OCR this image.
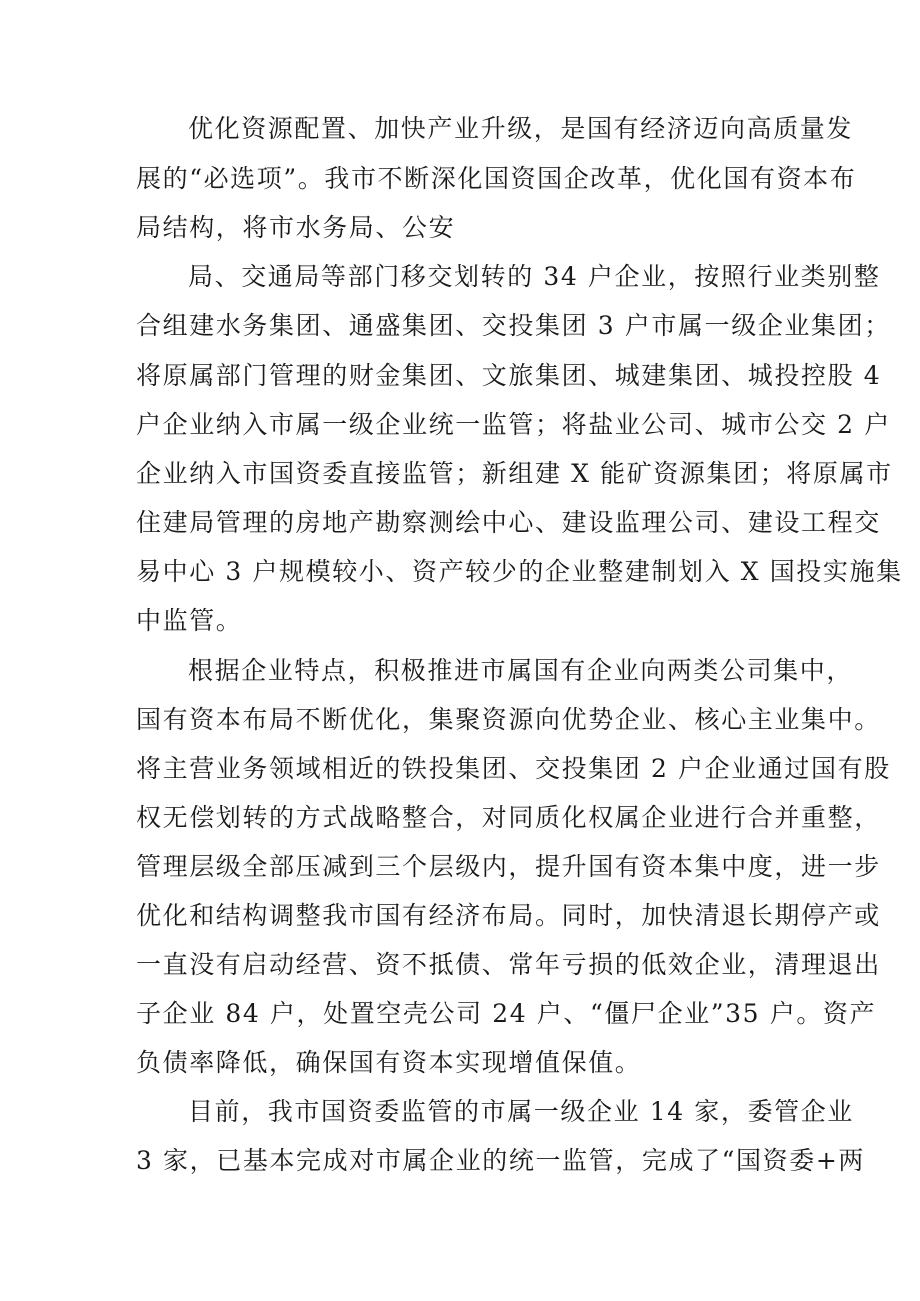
优化资源配置、加快产业升级，是国有经济迈向高质量发
展的“必选项”。我市不断深化国资国企改革，优化国有资本布
局结构，将市水务局、公安
局、交通局等部门移交划转的 34 户企业，按照行业类别整
合组建水务集团、通盛集团、交投集团 3 户市属一级企业集团；
将原属部门管理的财金集团、文旅集团、城建集团、城投控股 4
户企业纳入市属一级企业统一监管；将盐业公司、城市公交 2 户
企业纳入市国资委直接监管；新组建 X 能矿资源集团；将原属市
住建局管理的房地产勘察测绘中心、建设监理公司、建设工程交
易中心 3 户规模较小、资产较少的企业整建制划入 X 国投实施集
中监管。
根据企业特点，积极推进市属国有企业向两类公司集中，
国有资本布局不断优化，集聚资源向优势企业、核心主业集中。
将主营业务领域相近的铁投集团、交投集团 2 户企业通过国有股
权无偿划转的方式战略整合，对同质化权属企业进行合并重整，
管理层级全部压减到三个层级内，提升国有资本集中度，进一步
优化和结构调整我市国有经济布局。同时，加快清退长期停产或
一直没有启动经营、资不抵债、常年亏损的低效企业，清理退出
子企业 84 户，处置空壳公司 24 户、“僵尸企业”35 户。资产
负债率降低，确保国有资本实现增值保值。
目前，我市国资委监管的市属一级企业 14 家，委管企业
3 家，已基本完成对市属企业的统一监管，完成了“国资委+两
